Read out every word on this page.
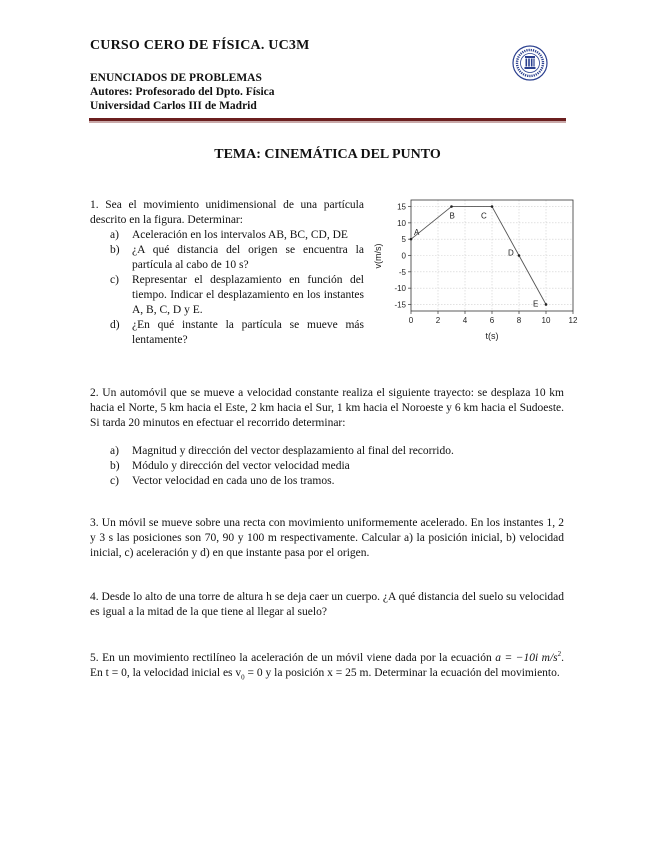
CURSO CERO DE FÍSICA. UC3M
ENUNCIADOS DE PROBLEMAS
Autores: Profesorado del Dpto. Física
Universidad Carlos III de Madrid
TEMA: CINEMÁTICA DEL PUNTO
1. Sea el movimiento unidimensional de una partícula descrito en la figura. Determinar:
a) Aceleración en los intervalos AB, BC, CD, DE
b) ¿A qué distancia del origen se encuentra la partícula al cabo de 10 s?
c) Representar el desplazamiento en función del tiempo. Indicar el desplazamiento en los instantes A, B, C, D y E.
d) ¿En qué instante la partícula se mueve más lentamente?
0	2	4	6	8	10 12
15
10
5
0
-5
-10
-15
A
B	C
D
E
t(s)
v(m/s)
2. Un automóvil que se mueve a velocidad constante realiza el siguiente trayecto: se desplaza 10 km hacia el Norte, 5 km hacia el Este, 2 km hacia el Sur, 1 km hacia el Noroeste y 6 km hacia el Sudoeste. Si tarda 20 minutos en efectuar el recorrido determinar:
a) Magnitud y dirección del vector desplazamiento al final del recorrido.
b) Módulo y dirección del vector velocidad media
c) Vector velocidad en cada uno de los tramos.
3. Un móvil se mueve sobre una recta con movimiento uniformemente acelerado. En los instantes 1, 2 y 3 s las posiciones son 70, 90 y 100 m respectivamente. Calcular a) la posición inicial, b) velocidad inicial, c) aceleración y d) en que instante pasa por el origen.
4. Desde lo alto de una torre de altura h se deja caer un cuerpo. ¿A qué distancia del suelo su velocidad es igual a la mitad de la que tiene al llegar al suelo?
5. En un movimiento rectilíneo la aceleración de un móvil viene dada por la ecuación a = −10i $m/s^2$. En t = 0, la velocidad inicial es $v_0 = 0$ y la posición x = 25 m. Determinar la ecuación del movimiento.
